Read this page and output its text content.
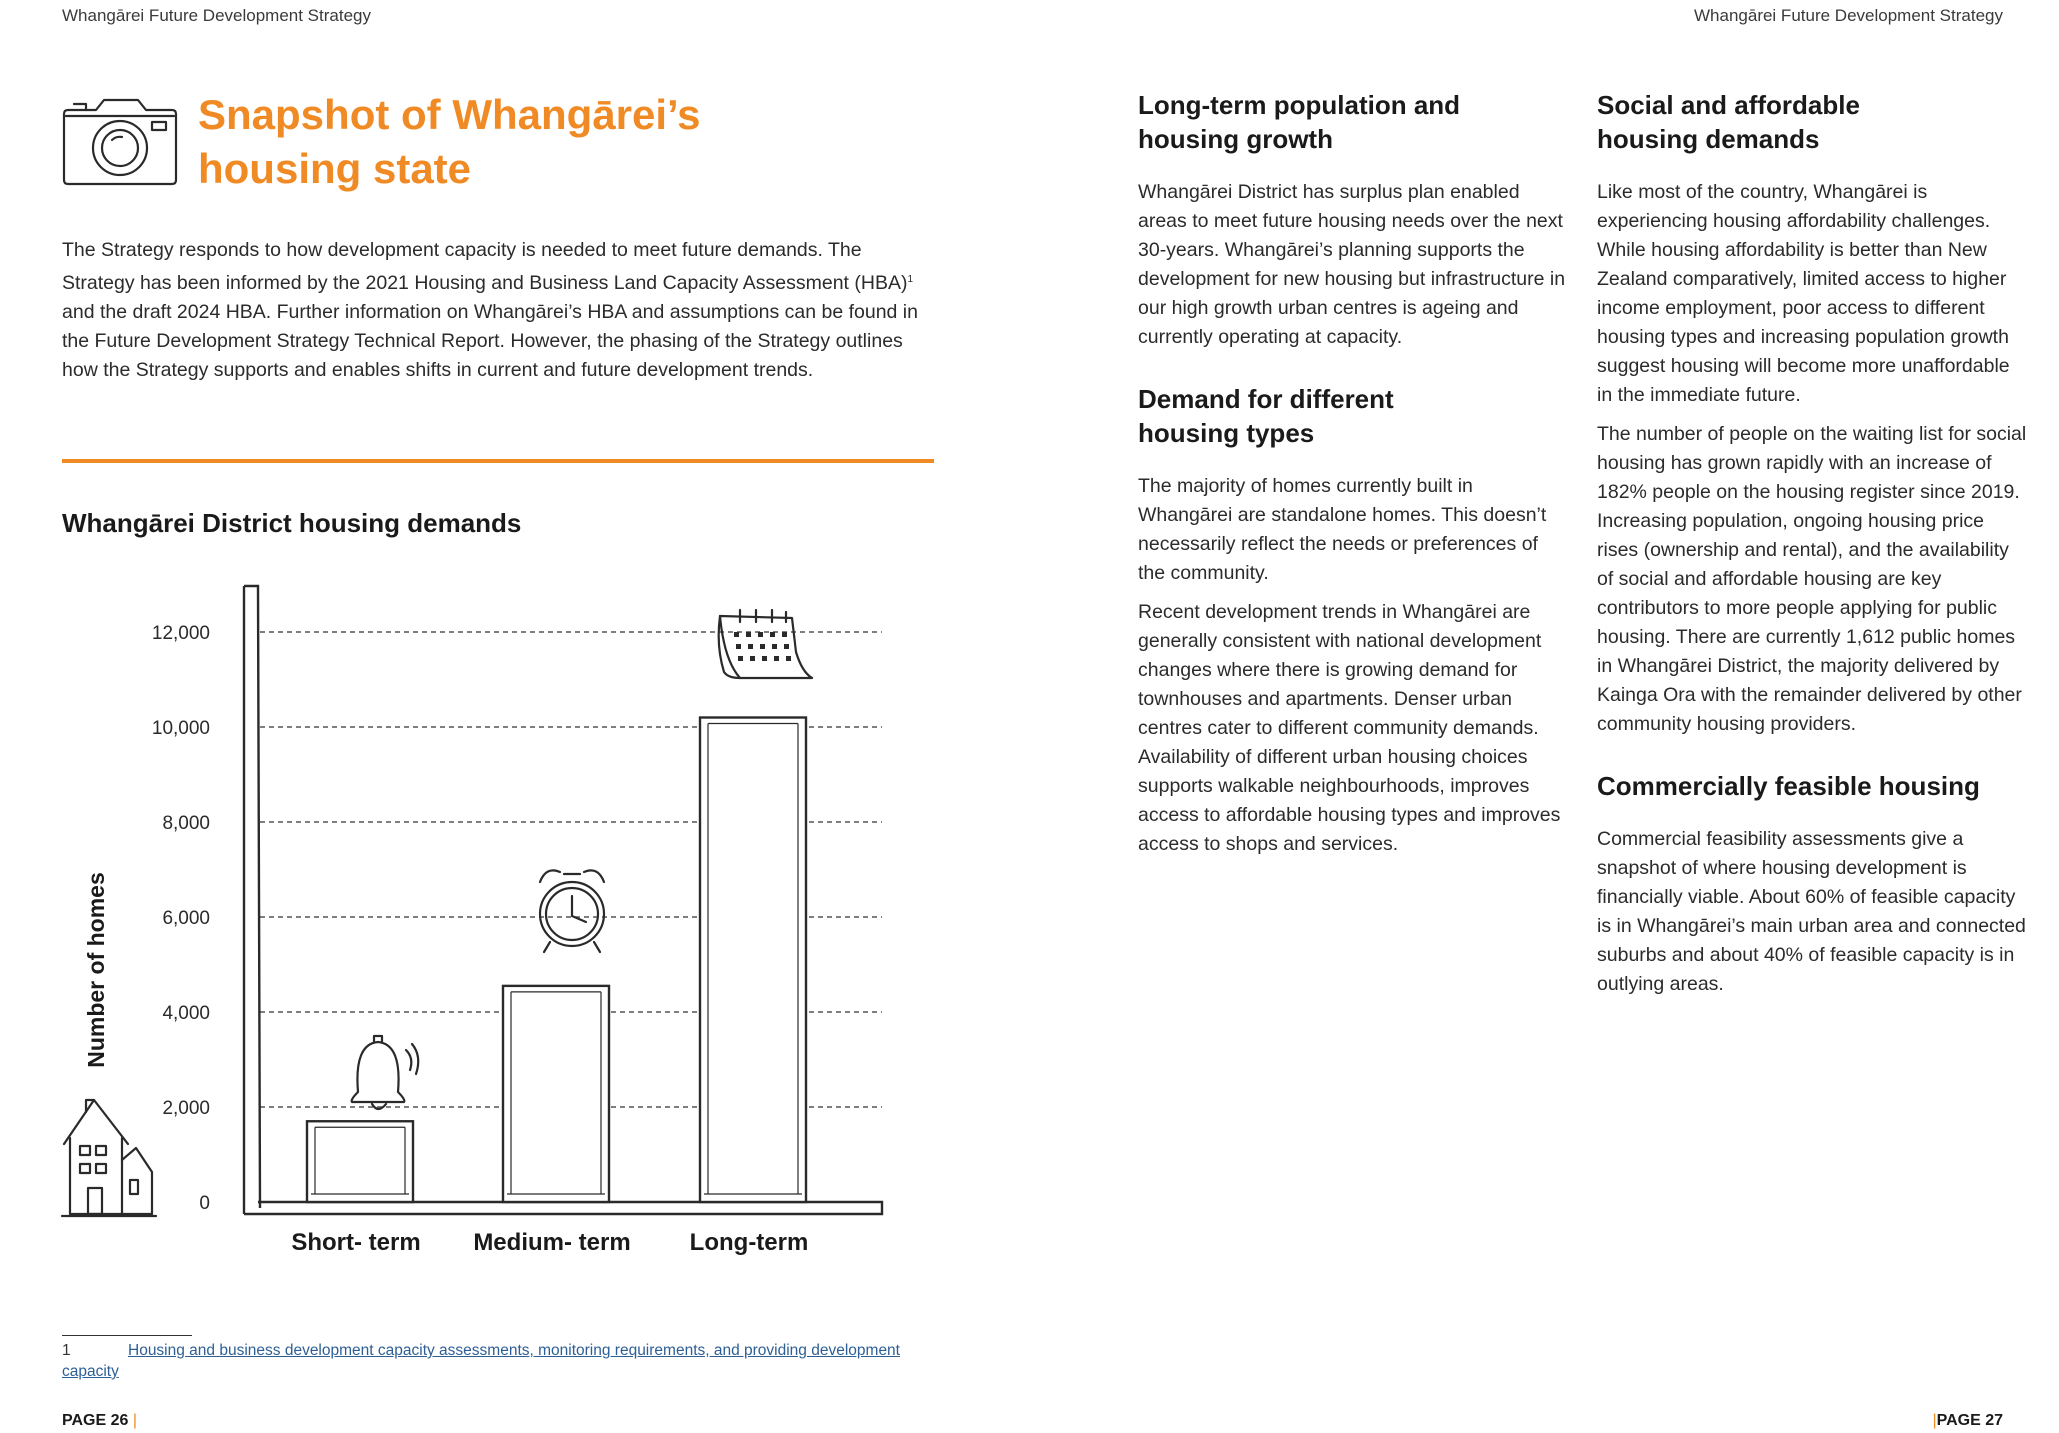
Whangārei Future Development Strategy	Whangārei Future Development Strategy
Snapshot of Whangārei’s
housing state

The Strategy responds to how development capacity is needed to meet future demands. The Strategy has been informed by the 2021 Housing and Business Land Capacity Assessment (HBA)$^1$ and the draft 2024 HBA. Further information on Whangārei’s HBA and assumptions can be found in the Future Development Strategy Technical Report. However, the phasing of the Strategy outlines how the Strategy supports and enables shifts in current and future development trends.

Whangārei District housing demands
Number of homes
0
2,000
4,000
6,000
8,000
10,000
12,000
Short- term Medium- term Long-term
1	Housing and business development capacity assessments, monitoring requirements, and providing development capacity
PAGE 26 |	|PAGE 27
Long-term population and
housing growth

Whangārei District has surplus plan enabled areas to meet future housing needs over the next 30-years. Whangārei’s planning supports the development for new housing but infrastructure in our high growth urban centres is ageing and currently operating at capacity.

Demand for different
housing types

The majority of homes currently built in Whangārei are standalone homes. This doesn’t necessarily reflect the needs or preferences of the community.

Recent development trends in Whangārei are generally consistent with national development changes where there is growing demand for townhouses and apartments. Denser urban centres cater to different community demands. Availability of different urban housing choices supports walkable neighbourhoods, improves access to affordable housing types and improves access to shops and services.

Social and affordable
housing demands

Like most of the country, Whangārei is experiencing housing affordability challenges. While housing affordability is better than New Zealand comparatively, limited access to higher income employment, poor access to different housing types and increasing population growth suggest housing will become more unaffordable in the immediate future.

The number of people on the waiting list for social housing has grown rapidly with an increase of 182% people on the housing register since 2019. Increasing population, ongoing housing price rises (ownership and rental), and the availability of social and affordable housing are key contributors to more people applying for public housing. There are currently 1,612 public homes in Whangārei District, the majority delivered by Kainga Ora with the remainder delivered by other community housing providers.

Commercially feasible housing

Commercial feasibility assessments give a snapshot of where housing development is financially viable. About 60% of feasible capacity is in Whangārei’s main urban area and connected suburbs and about 40% of feasible capacity is in outlying areas.
